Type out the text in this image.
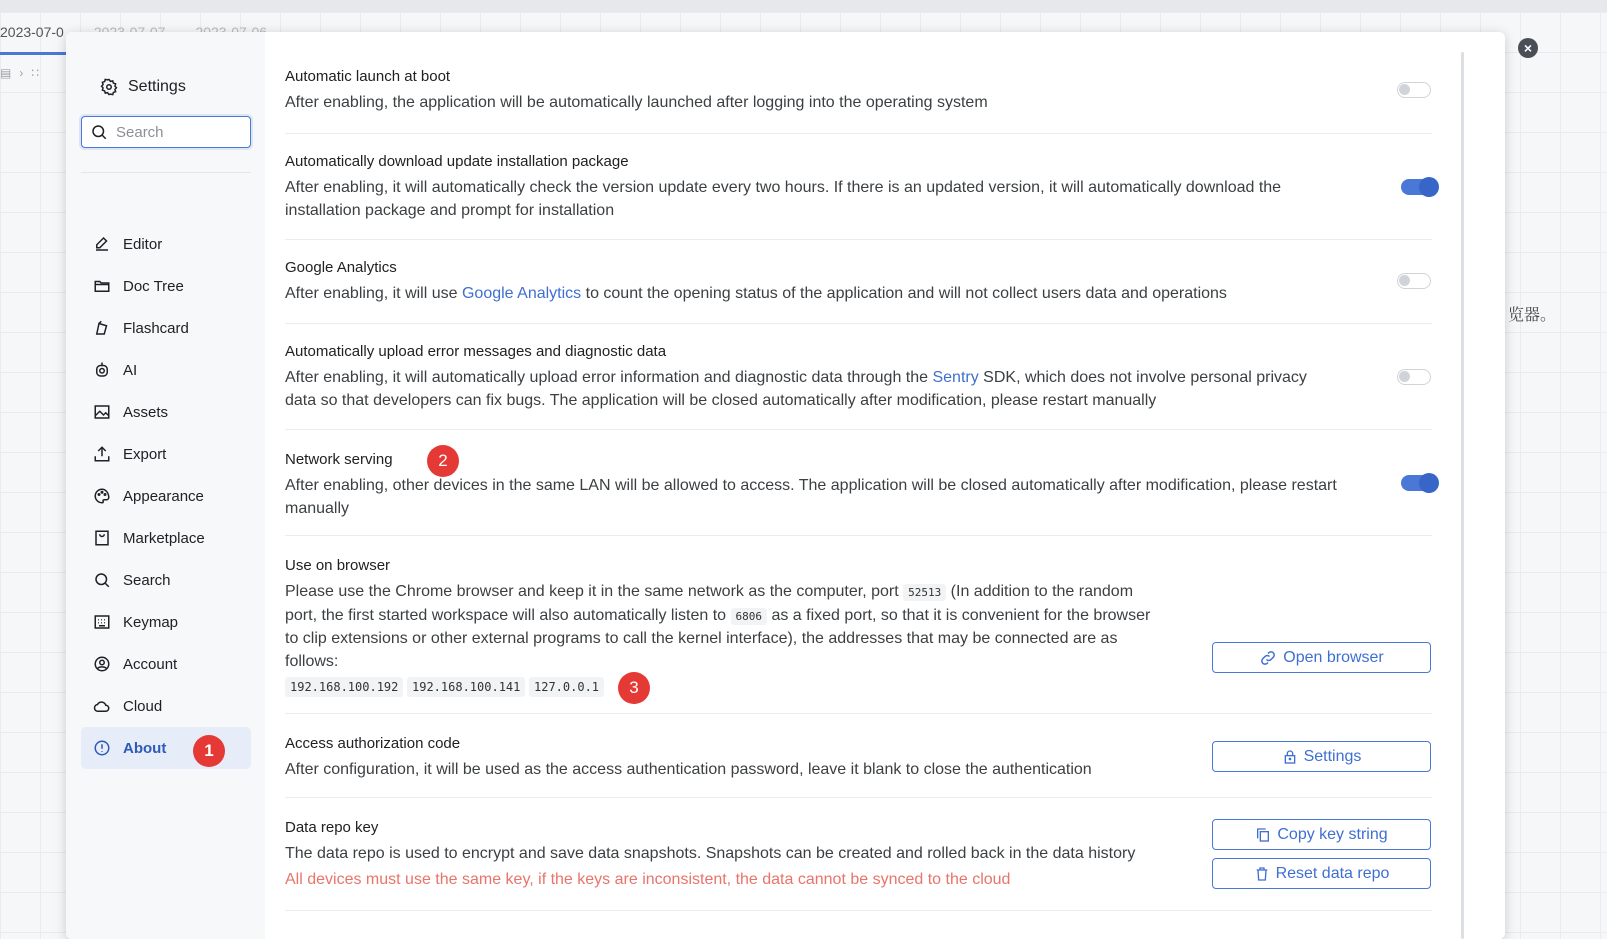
2023-07-0
▤ › ∷
览器。
×
Settings
Search
Editor
Doc Tree
Flashcard
AI
Assets
Export
Appearance
Marketplace
Search
Keymap
Account
Cloud
About	1
Automatic launch at boot
After enabling, the application will be automatically launched after logging into the operating system
Automatically download update installation package
After enabling, it will automatically check the version update every two hours. If there is an updated version, it will automatically download the
installation package and prompt for installation
Google Analytics
After enabling, it will use Google Analytics to count the opening status of the application and will not collect users data and operations
Automatically upload error messages and diagnostic data
After enabling, it will automatically upload error information and diagnostic data through the Sentry SDK, which does not involve personal privacy
data so that developers can fix bugs. The application will be closed automatically after modification, please restart manually
Network serving	2
After enabling, other devices in the same LAN will be allowed to access. The application will be closed automatically after modification, please restart
manually
Use on browser
Please use the Chrome browser and keep it in the same network as the computer, port 52513 (In addition to the random
port, the first started workspace will also automatically listen to 6806 as a fixed port, so that it is convenient for the browser
to clip extensions or other external programs to call the kernel interface), the addresses that may be connected are as
follows:
192.168.100.192	192.168.100.141	127.0.0.1	3
Open browser
Access authorization code
After configuration, it will be used as the access authentication password, leave it blank to close the authentication
Settings
Data repo key
The data repo is used to encrypt and save data snapshots. Snapshots can be created and rolled back in the data history
All devices must use the same key, if the keys are inconsistent, the data cannot be synced to the cloud
Copy key string
Reset data repo
